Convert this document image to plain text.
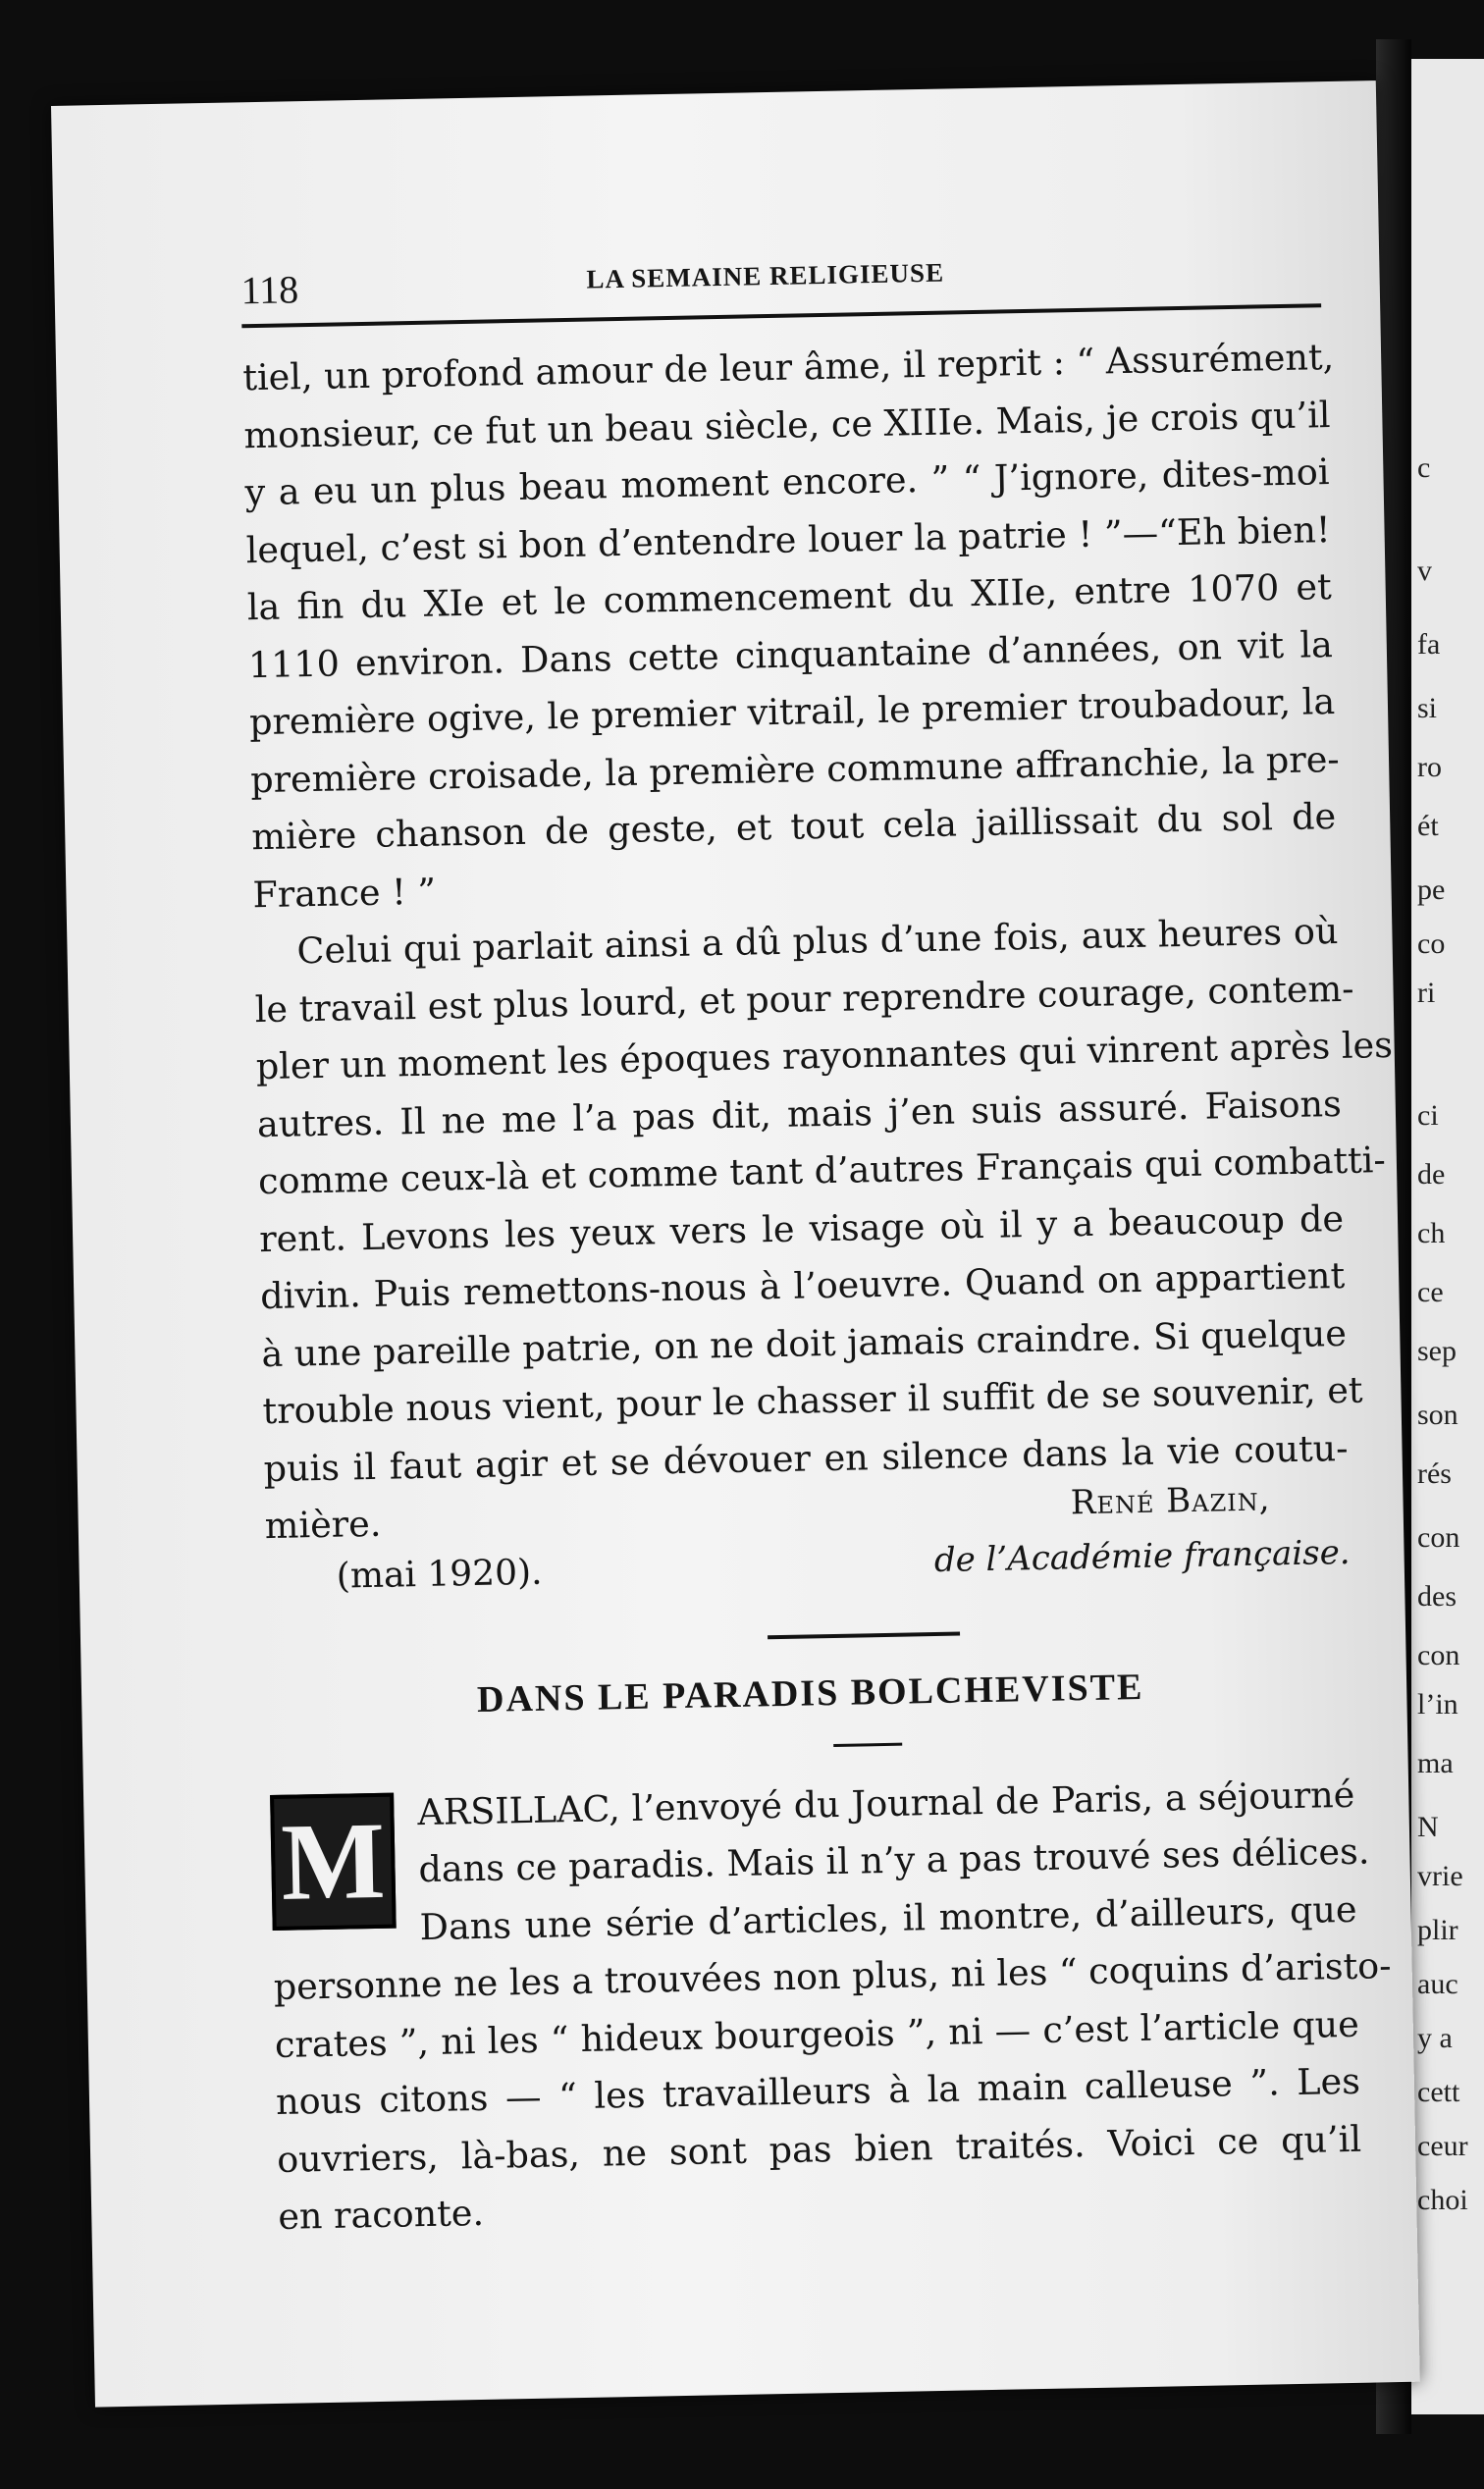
c
v
fa
si
ro
ét
pe
co
ri
ci
de
ch
ce
sep
son
rés
con
des
con
l’in
ma
N
vrie
plir
auc
y a
cett
ceur
choi
118	LA SEMAINE RELIGIEUSE
tiel, un profond amour de leur âme, il reprit : “ Assurément,
monsieur, ce fut un beau siècle, ce XIIIe. Mais, je crois qu’il
y a eu un plus beau moment encore. ” “ J’ignore, dites-moi
lequel, c’est si bon d’entendre louer la patrie ! ”—“Eh bien!
la fin du XIe et le commencement du XIIe, entre 1070 et
1110 environ. Dans cette cinquantaine d’années, on vit la
première ogive, le premier vitrail, le premier troubadour, la
première croisade, la première commune affranchie, la pre-
mière chanson de geste, et tout cela jaillissait du sol de
France ! ”
Celui qui parlait ainsi a dû plus d’une fois, aux heures où
le travail est plus lourd, et pour reprendre courage, contem-
pler un moment les époques rayonnantes qui vinrent après les
autres. Il ne me l’a pas dit, mais j’en suis assuré. Faisons
comme ceux-là et comme tant d’autres Français qui combatti-
rent. Levons les yeux vers le visage où il y a beaucoup de
divin. Puis remettons-nous à l’oeuvre. Quand on appartient
à une pareille patrie, on ne doit jamais craindre. Si quelque
trouble nous vient, pour le chasser il suffit de se souvenir, et
puis il faut agir et se dévouer en silence dans la vie coutu-
mière.
René Bazin,
de l’Académie française.
(mai 1920).
DANS LE PARADIS BOLCHEVISTE
M ARSILLAC, l’envoyé du Journal de Paris, a séjourné
dans ce paradis. Mais il n’y a pas trouvé ses délices.
Dans une série d’articles, il montre, d’ailleurs, que
personne ne les a trouvées non plus, ni les “ coquins d’aristo-
crates ”, ni les “ hideux bourgeois ”, ni — c’est l’article que
nous citons — “ les travailleurs à la main calleuse ”. Les
ouvriers, là-bas, ne sont pas bien traités. Voici ce qu’il
en raconte.
